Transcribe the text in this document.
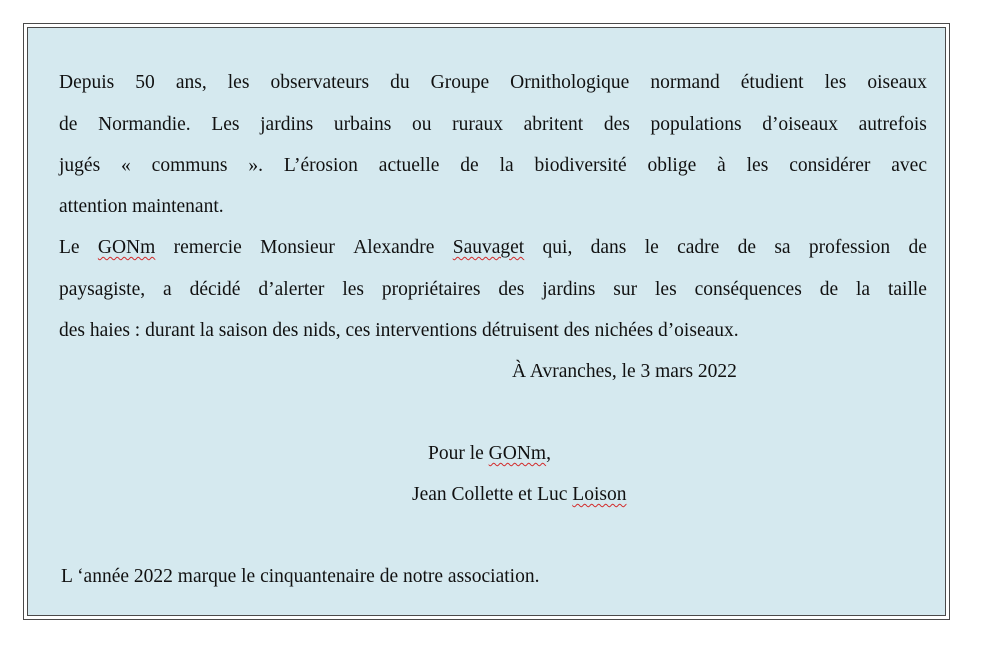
Depuis 50 ans, les observateurs du Groupe Ornithologique normand étudient les oiseaux
de Normandie. Les jardins urbains ou ruraux abritent des populations d’oiseaux autrefois
jugés « communs ». L’érosion actuelle de la biodiversité oblige à les considérer avec
attention maintenant.
Le GONm remercie Monsieur Alexandre Sauvaget qui, dans le cadre de sa profession de
paysagiste, a décidé d’alerter les propriétaires des jardins sur les conséquences de la taille
des haies : durant la saison des nids, ces interventions détruisent des nichées d’oiseaux.
À Avranches, le 3 mars 2022
Pour le GONm,
Jean Collette et Luc Loison
L ‘année 2022 marque le cinquantenaire de notre association.
